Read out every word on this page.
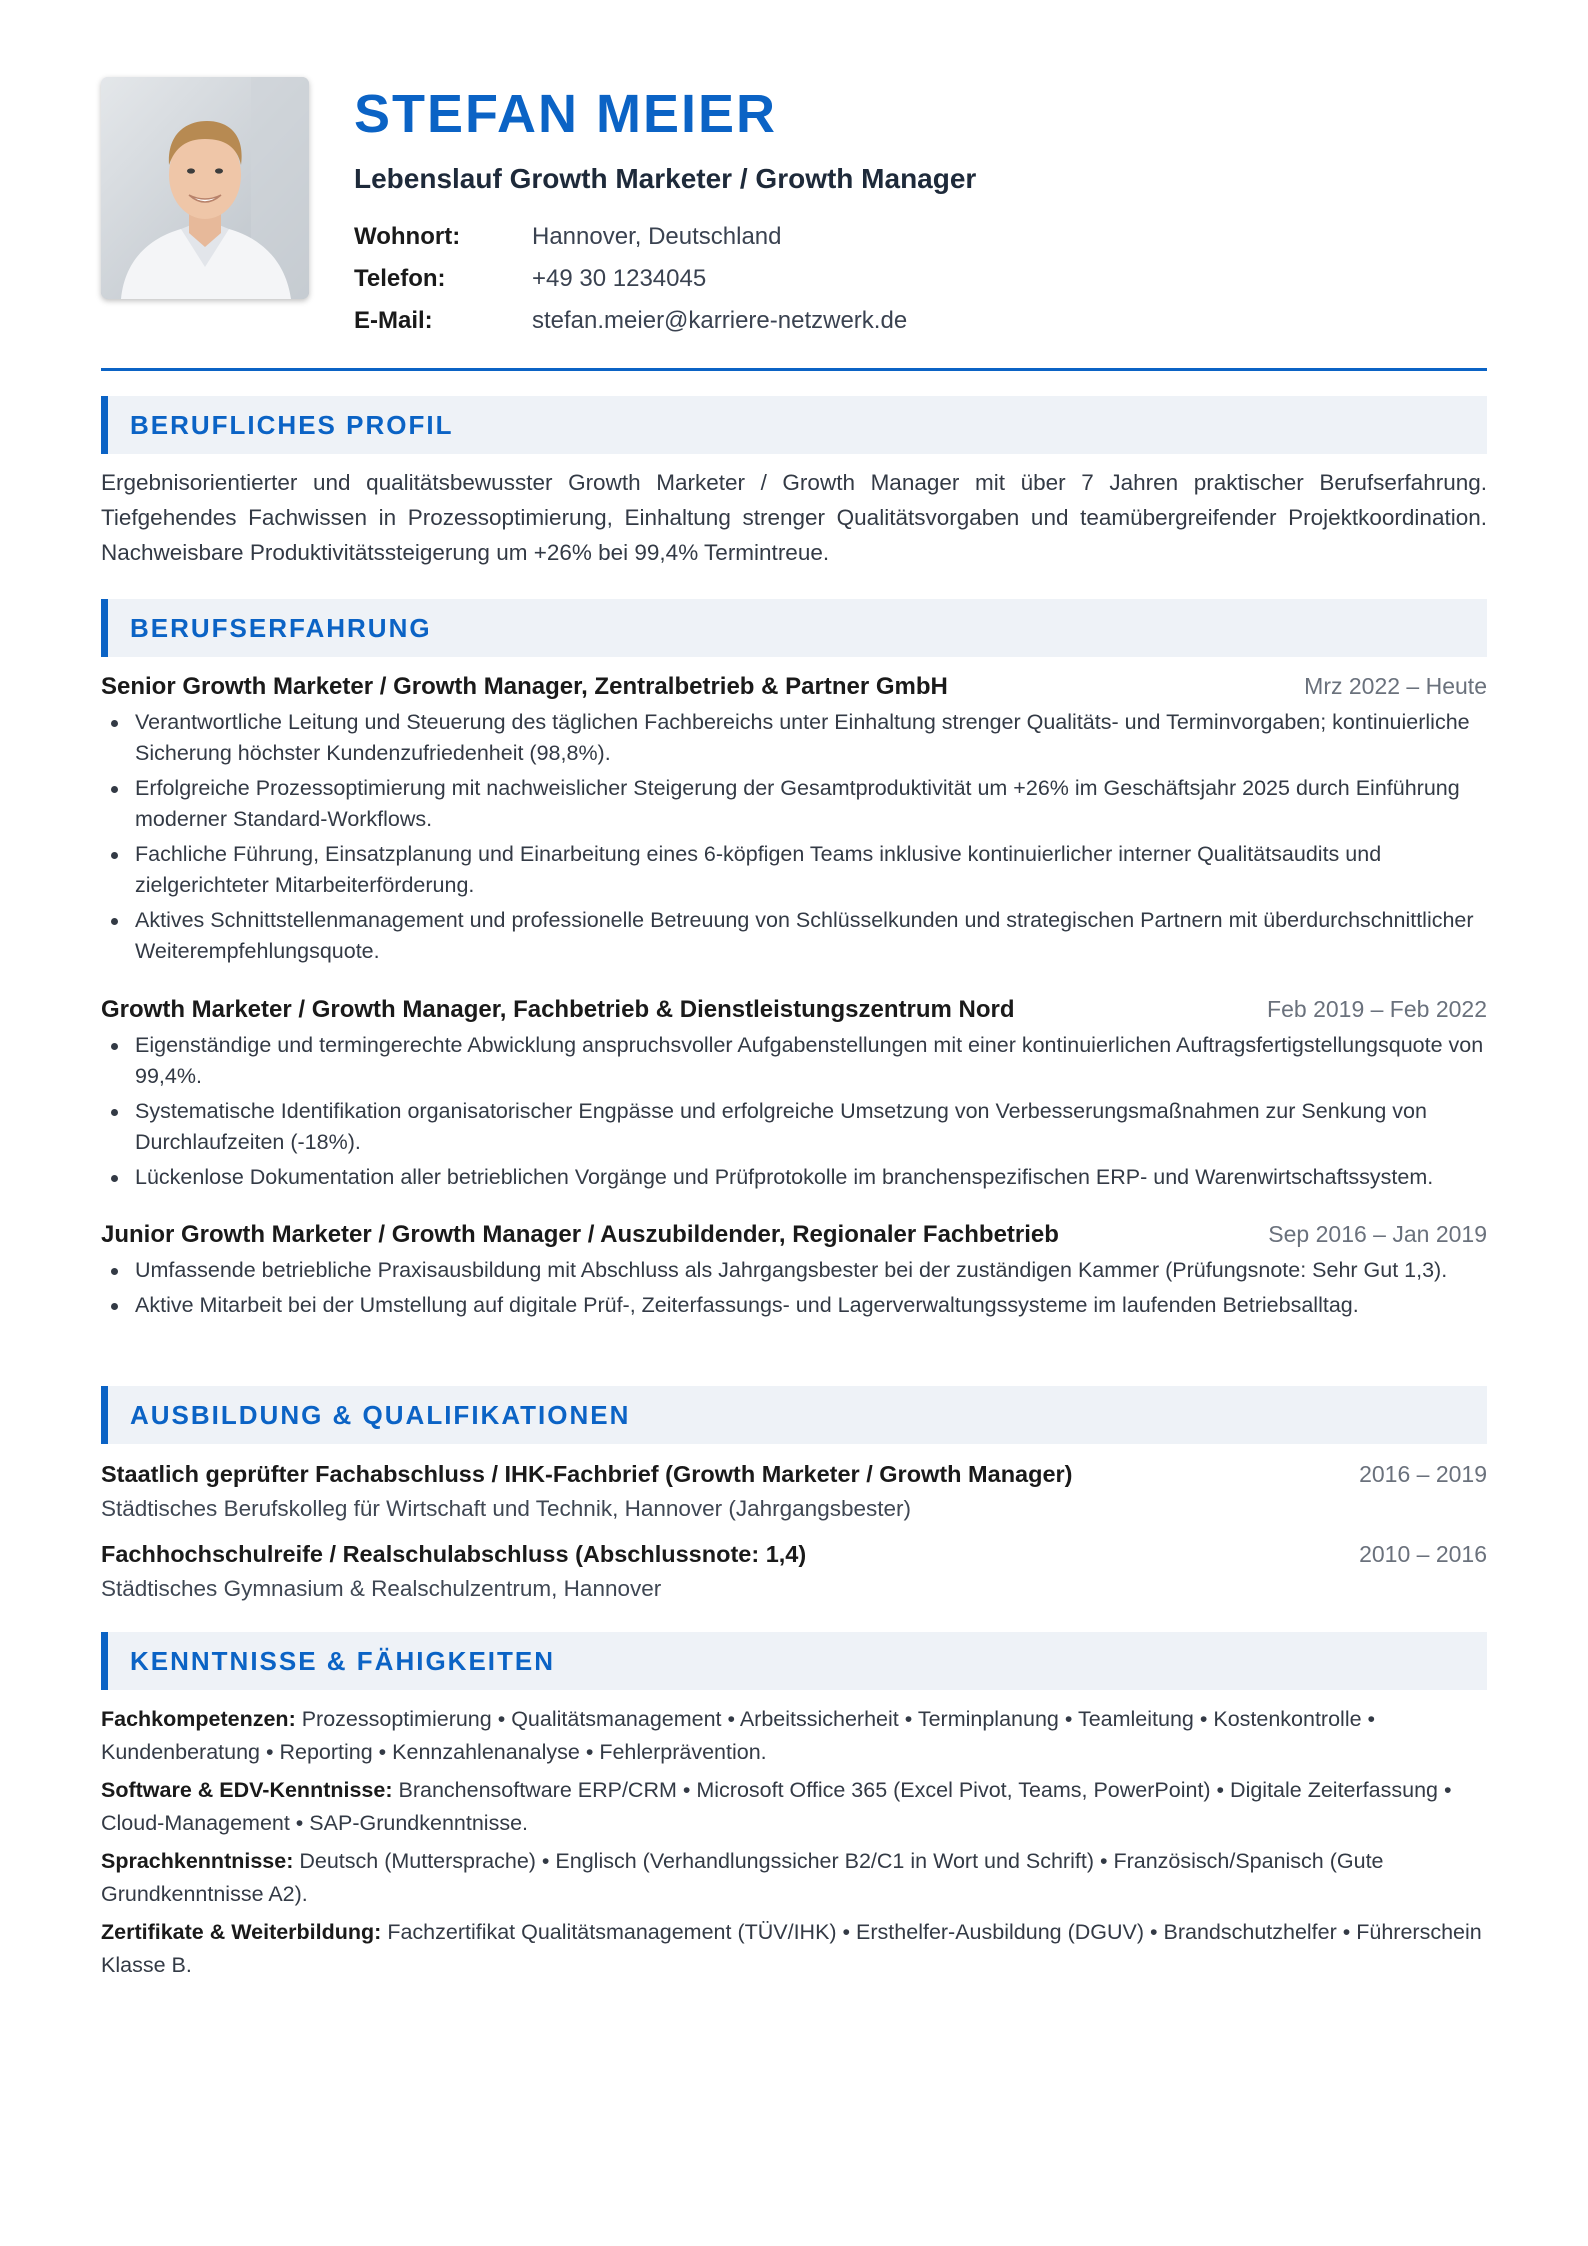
STEFAN MEIER
Lebenslauf Growth Marketer / Growth Manager
Wohnort:	Hannover, Deutschland
Telefon:	+49 30 1234045
E-Mail:	stefan.meier@karriere-netzwerk.de
BERUFLICHES PROFIL

Ergebnisorientierter und qualitätsbewusster Growth Marketer / Growth Manager mit über 7 Jahren praktischer Berufserfahrung. Tiefgehendes Fachwissen in Prozessoptimierung, Einhaltung strenger Qualitätsvorgaben und teamübergreifender Projektkoordination. Nachweisbare Produktivitätssteigerung um +26% bei 99,4% Termintreue.

BERUFSERFAHRUNG
Senior Growth Marketer / Growth Manager, Zentralbetrieb & Partner GmbH	Mrz 2022 – Heute
Verantwortliche Leitung und Steuerung des täglichen Fachbereichs unter Einhaltung strenger Qualitäts- und Terminvorgaben; kontinuierliche Sicherung höchster Kundenzufriedenheit (98,8%).
Erfolgreiche Prozessoptimierung mit nachweislicher Steigerung der Gesamtproduktivität um +26% im Geschäftsjahr 2025 durch Einführung moderner Standard-Workflows.
Fachliche Führung, Einsatzplanung und Einarbeitung eines 6-köpfigen Teams inklusive kontinuierlicher interner Qualitätsaudits und zielgerichteter Mitarbeiterförderung.
Aktives Schnittstellenmanagement und professionelle Betreuung von Schlüsselkunden und strategischen Partnern mit überdurchschnittlicher Weiterempfehlungsquote.
Growth Marketer / Growth Manager, Fachbetrieb & Dienstleistungszentrum Nord	Feb 2019 – Feb 2022
Eigenständige und termingerechte Abwicklung anspruchsvoller Aufgabenstellungen mit einer kontinuierlichen Auftragsfertigstellungsquote von 99,4%.
Systematische Identifikation organisatorischer Engpässe und erfolgreiche Umsetzung von Verbesserungsmaßnahmen zur Senkung von Durchlaufzeiten (-18%).
Lückenlose Dokumentation aller betrieblichen Vorgänge und Prüfprotokolle im branchenspezifischen ERP- und Warenwirtschaftssystem.
Junior Growth Marketer / Growth Manager / Auszubildender, Regionaler Fachbetrieb	Sep 2016 – Jan 2019
Umfassende betriebliche Praxisausbildung mit Abschluss als Jahrgangsbester bei der zuständigen Kammer (Prüfungsnote: Sehr Gut 1,3).
Aktive Mitarbeit bei der Umstellung auf digitale Prüf-, Zeiterfassungs- und Lagerverwaltungssysteme im laufenden Betriebsalltag.
AUSBILDUNG & QUALIFIKATIONEN
Staatlich geprüfter Fachabschluss / IHK-Fachbrief (Growth Marketer / Growth Manager)	2016 – 2019
Städtisches Berufskolleg für Wirtschaft und Technik, Hannover (Jahrgangsbester)
Fachhochschulreife / Realschulabschluss (Abschlussnote: 1,4)	2010 – 2016
Städtisches Gymnasium & Realschulzentrum, Hannover
KENNTNISSE & FÄHIGKEITEN

Fachkompetenzen: Prozessoptimierung • Qualitätsmanagement • Arbeitssicherheit • Terminplanung • Teamleitung • Kostenkontrolle • Kundenberatung • Reporting • Kennzahlenanalyse • Fehlerprävention.

Software & EDV-Kenntnisse: Branchensoftware ERP/CRM • Microsoft Office 365 (Excel Pivot, Teams, PowerPoint) • Digitale Zeiterfassung • Cloud-Management • SAP-Grundkenntnisse.

Sprachkenntnisse: Deutsch (Muttersprache) • Englisch (Verhandlungssicher B2/C1 in Wort und Schrift) • Französisch/Spanisch (Gute Grundkenntnisse A2).

Zertifikate & Weiterbildung: Fachzertifikat Qualitätsmanagement (TÜV/IHK) • Ersthelfer-Ausbildung (DGUV) • Brandschutzhelfer • Führerschein Klasse B.
